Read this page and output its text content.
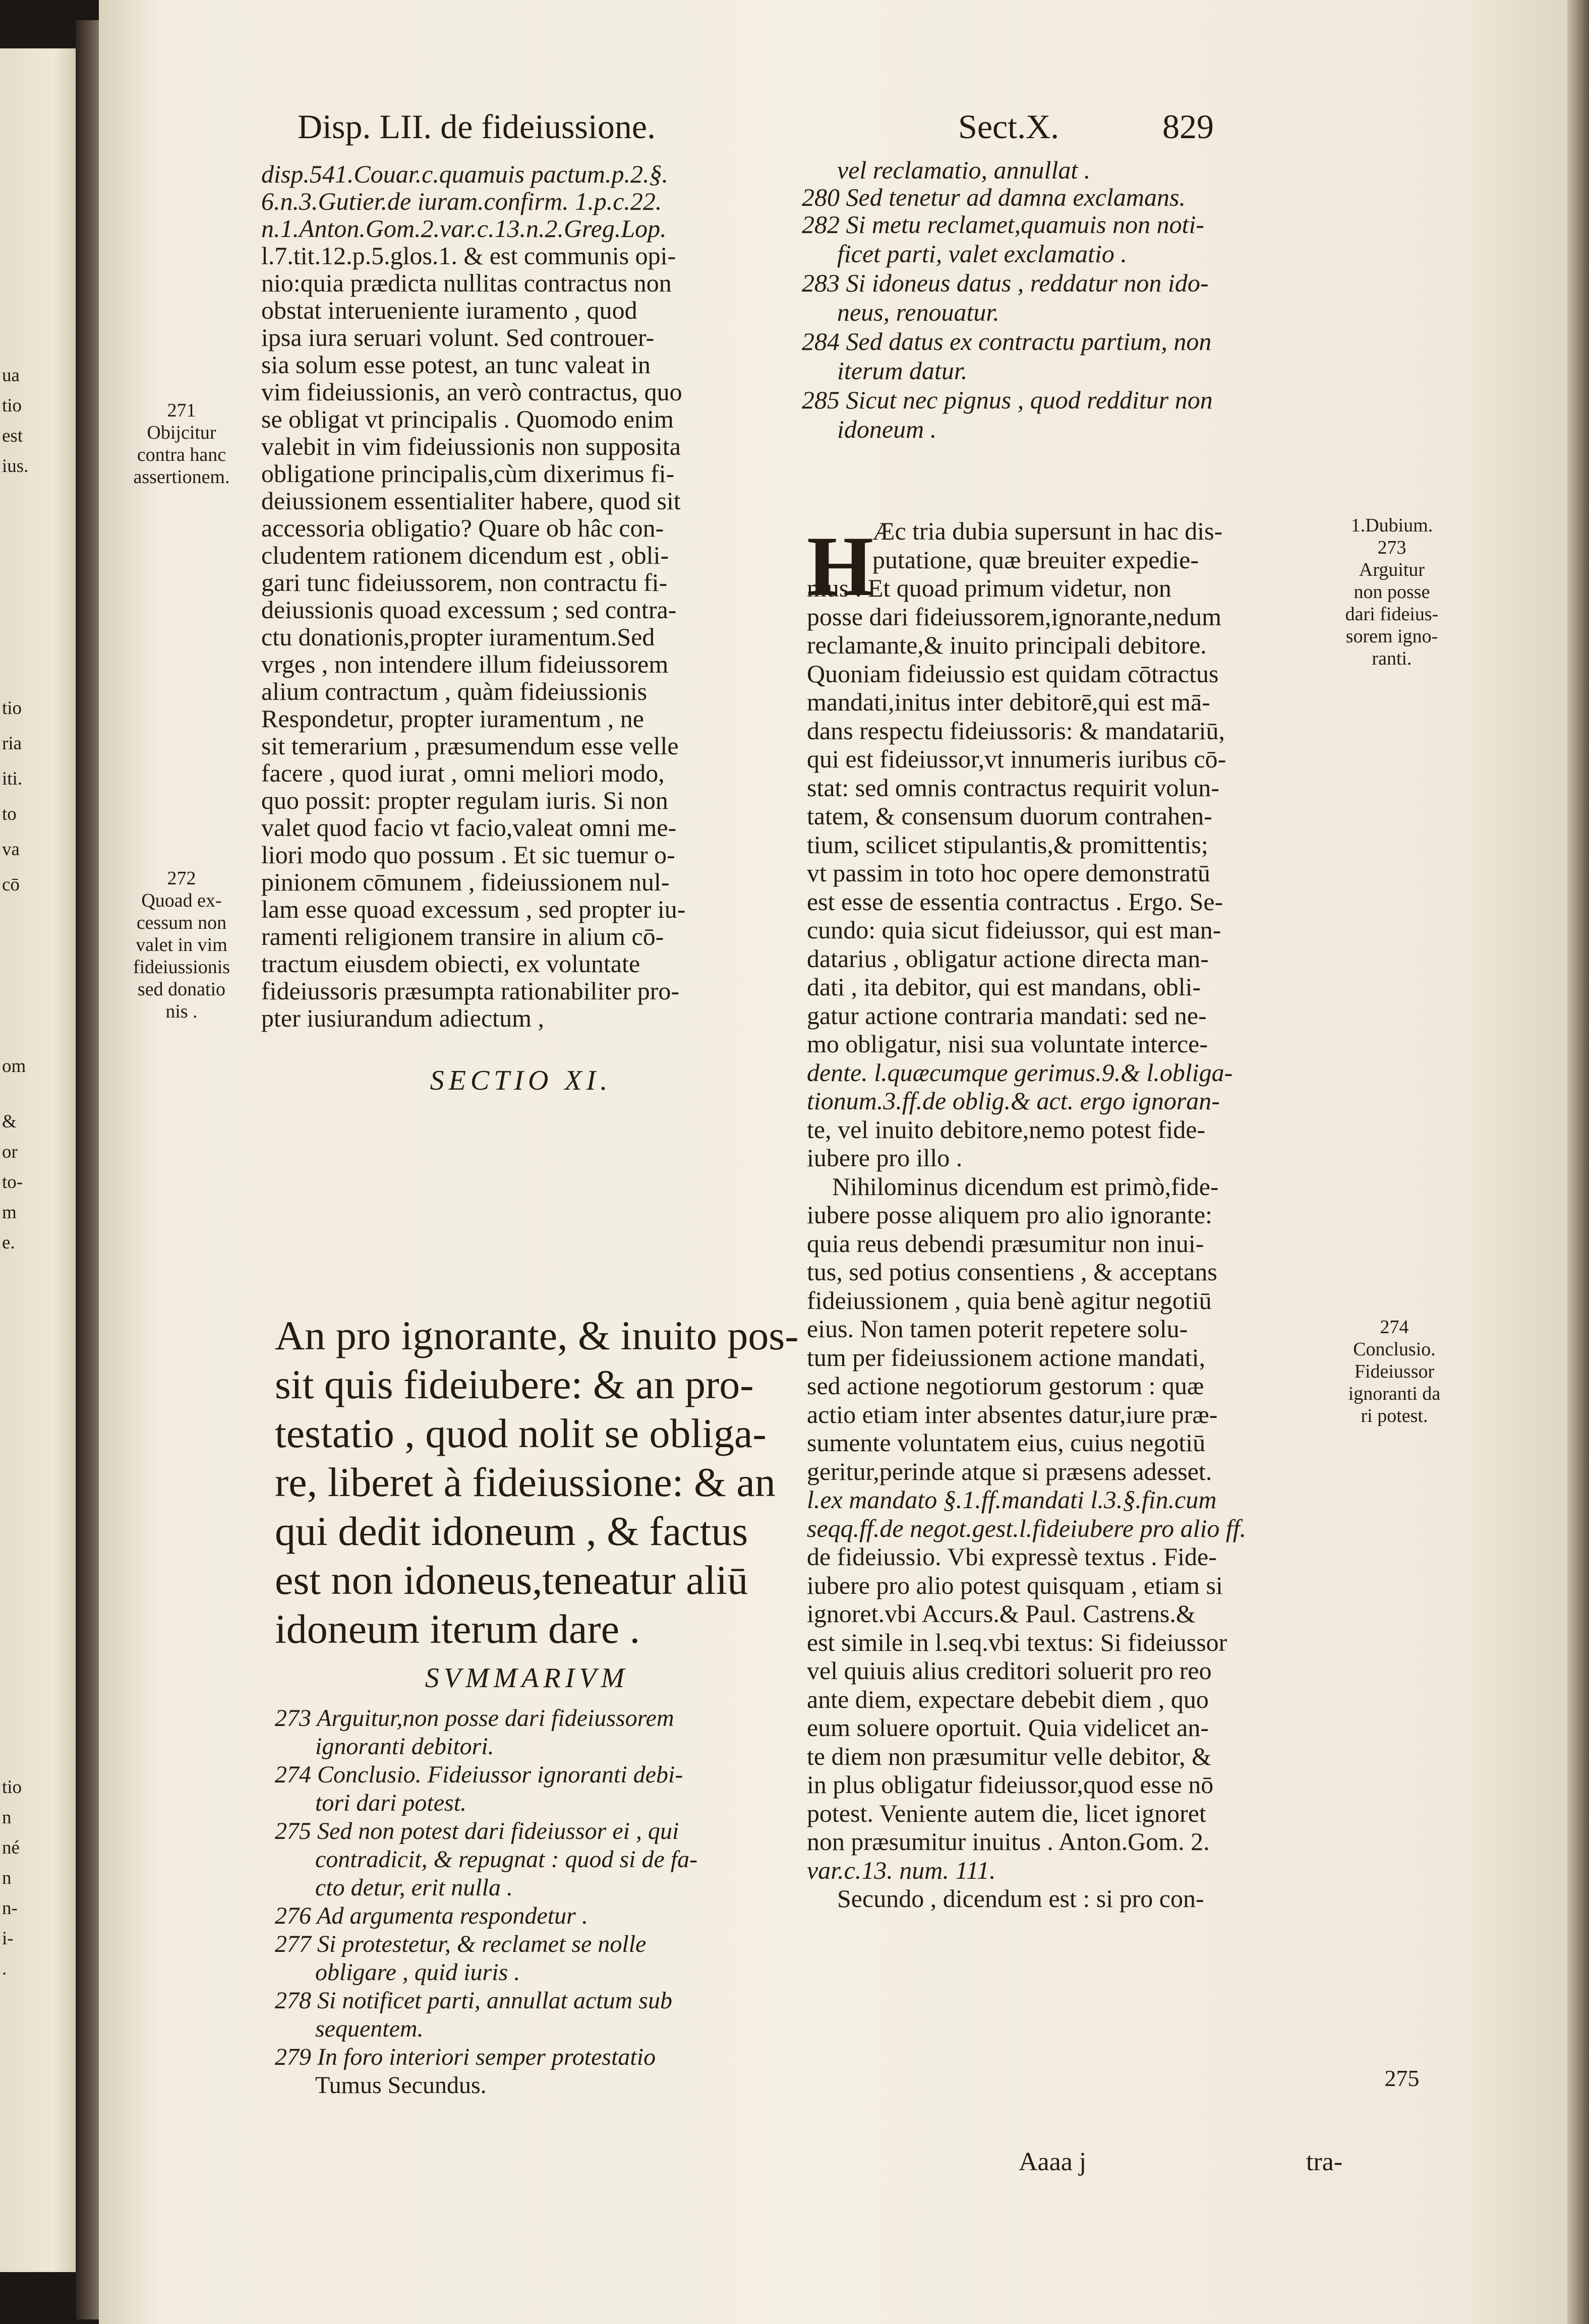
ua
tio
est
ius.
tio
ria
iti.
to
va
cō
om
&
or
to-
m
e.
tio
n
né
n
n-
i-
.
Disp. LII. de fideiussione.	Sect.X.	829

disp.541.Couar.c.quamuis pactum.p.2.§.

6.n.3.Gutier.de iuram.confirm. 1.p.c.22.

n.1.Anton.Gom.2.var.c.13.n.2.Greg.Lop.

l.7.tit.12.p.5.glos.1. & est communis opi-

nio:quia prædicta nullitas contractus non

obstat interueniente iuramento , quod

ipsa iura seruari volunt. Sed controuer-

sia solum esse potest, an tunc valeat in

vim fideiussionis, an verò contractus, quo

se obligat vt principalis . Quomodo enim

valebit in vim fideiussionis non supposita

obligatione principalis,cùm dixerimus fi-

deiussionem essentialiter habere, quod sit

accessoria obligatio? Quare ob hâc con-

cludentem rationem dicendum est , obli-

gari tunc fideiussorem, non contractu fi-

deiussionis quoad excessum ; sed contra-

ctu donationis,propter iuramentum.Sed

vrges , non intendere illum fideiussorem

alium contractum , quàm fideiussionis

Respondetur, propter iuramentum , ne

sit temerarium , præsumendum esse velle

facere , quod iurat , omni meliori modo,

quo possit: propter regulam iuris. Si non

valet quod facio vt facio,valeat omni me-

liori modo quo possum . Et sic tuemur o-

pinionem cōmunem , fideiussionem nul-

lam esse quoad excessum , sed propter iu-

ramenti religionem transire in alium cō-

tractum eiusdem obiecti, ex voluntate

fideiussoris præsumpta rationabiliter pro-

pter iusiurandum adiectum ,

SECTIO XI.

An pro ignorante, & inuito pos-

sit quis fideiubere: & an pro-

testatio , quod nolit se obliga-

re, liberet à fideiussione: & an

qui dedit idoneum , & factus

est non idoneus,teneatur aliū

idoneum iterum dare .

SVMMARIVM

273 Arguitur,non posse dari fideiussorem

ignoranti debitori.

274 Conclusio. Fideiussor ignoranti debi-

tori dari potest.

275 Sed non potest dari fideiussor ei , qui

contradicit, & repugnat : quod si de fa-

cto detur, erit nulla .

276 Ad argumenta respondetur .

277 Si protestetur, & reclamet se nolle

obligare , quid iuris .

278 Si notificet parti, annullat actum sub

sequentem.

279 In foro interiori semper protestatio

Tumus Secundus.

271

Obijcitur

contra hanc

assertionem.

272

Quoad ex-

cessum non

valet in vim

fideiussionis

sed donatio

nis .

vel reclamatio, annullat .

280 Sed tenetur ad damna exclamans.

282 Si metu reclamet,quamuis non noti-

ficet parti, valet exclamatio .

283 Si idoneus datus , reddatur non ido-

neus, renouatur.

284 Sed datus ex contractu partium, non

iterum datur.

285 Sicut nec pignus , quod redditur non

idoneum .

H

Æc tria dubia supersunt in hac dis-

putatione, quæ breuiter expedie-

mus . Et quoad primum videtur, non

posse dari fideiussorem,ignorante,nedum

reclamante,& inuito principali debitore.

Quoniam fideiussio est quidam cōtractus

mandati,initus inter debitorē,qui est mā-

dans respectu fideiussoris: & mandatariū,

qui est fideiussor,vt innumeris iuribus cō-

stat: sed omnis contractus requirit volun-

tatem, & consensum duorum contrahen-

tium, scilicet stipulantis,& promittentis;

vt passim in toto hoc opere demonstratū

est esse de essentia contractus . Ergo. Se-

cundo: quia sicut fideiussor, qui est man-

datarius , obligatur actione directa man-

dati , ita debitor, qui est mandans, obli-

gatur actione contraria mandati: sed ne-

mo obligatur, nisi sua voluntate interce-

dente. l.quæcumque gerimus.9.& l.obliga-

tionum.3.ff.de oblig.& act. ergo ignoran-

te, vel inuito debitore,nemo potest fide-

iubere pro illo .

Nihilominus dicendum est primò,fide-

iubere posse aliquem pro alio ignorante:

quia reus debendi præsumitur non inui-

tus, sed potius consentiens , & acceptans

fideiussionem , quia benè agitur negotiū

eius. Non tamen poterit repetere solu-

tum per fideiussionem actione mandati,

sed actione negotiorum gestorum : quæ

actio etiam inter absentes datur,iure præ-

sumente voluntatem eius, cuius negotiū

geritur,perinde atque si præsens adesset.

l.ex mandato §.1.ff.mandati l.3.§.fin.cum

seqq.ff.de negot.gest.l.fideiubere pro alio ff.

de fideiussio. Vbi expressè textus . Fide-

iubere pro alio potest quisquam , etiam si

ignoret.vbi Accurs.& Paul. Castrens.&

est simile in l.seq.vbi textus: Si fideiussor

vel quiuis alius creditori soluerit pro reo

ante diem, expectare debebit diem , quo

eum soluere oportuit. Quia videlicet an-

te diem non præsumitur velle debitor, &

in plus obligatur fideiussor,quod esse nō

potest. Veniente autem die, licet ignoret

non præsumitur inuitus . Anton.Gom. 2.

var.c.13. num. 111.

Secundo , dicendum est : si pro con-

Aaaa j	tra-

1.Dubium.

273

Arguitur

non posse

dari fideius-

sorem igno-

ranti.

274

Conclusio.

Fideiussor

ignoranti da

ri potest.

275
